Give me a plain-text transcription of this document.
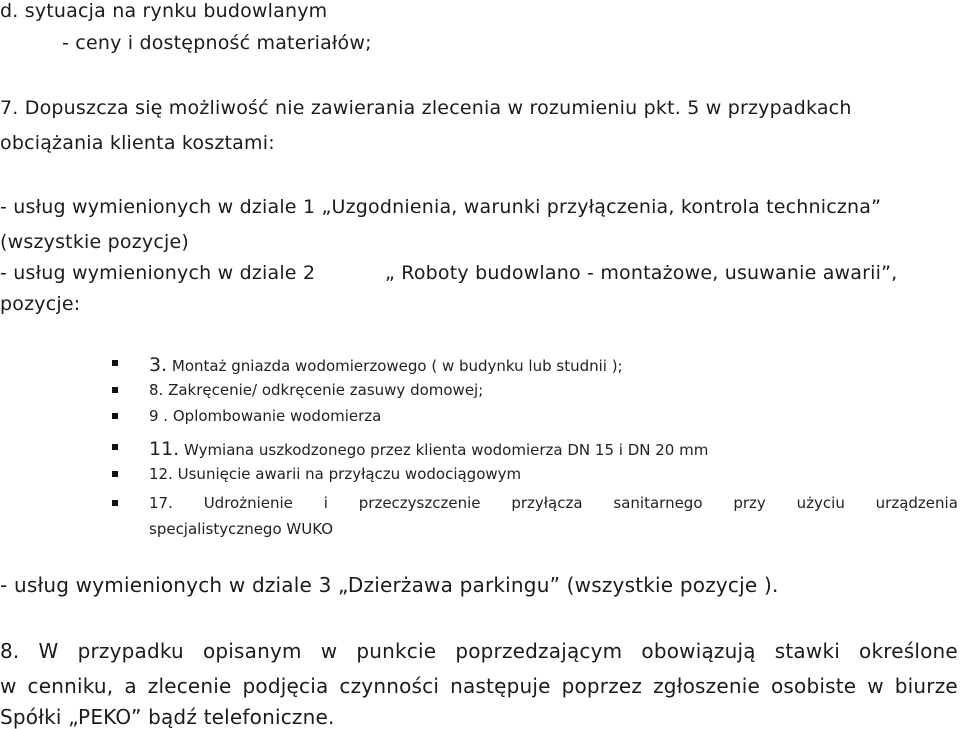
d. sytuacja na rynku budowlanym
- ceny i dostępność materiałów;
7. Dopuszcza się możliwość nie zawierania zlecenia w rozumieniu pkt. 5 w przypadkach
obciążania klienta kosztami:
- usług wymienionych w dziale 1 „Uzgodnienia, warunki przyłączenia, kontrola techniczna”
(wszystkie pozycje)
- usług wymienionych w dziale 2	„ Roboty budowlano - montażowe, usuwanie awarii”,
pozycje:
3. Montaż gniazda wodomierzowego ( w budynku lub studnii );
8. Zakręcenie/ odkręcenie zasuwy domowej;
9 . Oplombowanie wodomierza
11. Wymiana uszkodzonego przez klienta wodomierza DN 15 i DN 20 mm
12. Usunięcie awarii na przyłączu wodociągowym
17. Udrożnienie i przeczyszczenie przyłącza sanitarnego przy użyciu urządzenia
specjalistycznego WUKO
- usług wymienionych w dziale 3 „Dzierżawa parkingu” (wszystkie pozycje ).
8. W przypadku opisanym w punkcie poprzedzającym obowiązują stawki określone
w cenniku, a zlecenie podjęcia czynności następuje poprzez zgłoszenie osobiste w biurze
Spółki „PEKO” bądź telefoniczne.
